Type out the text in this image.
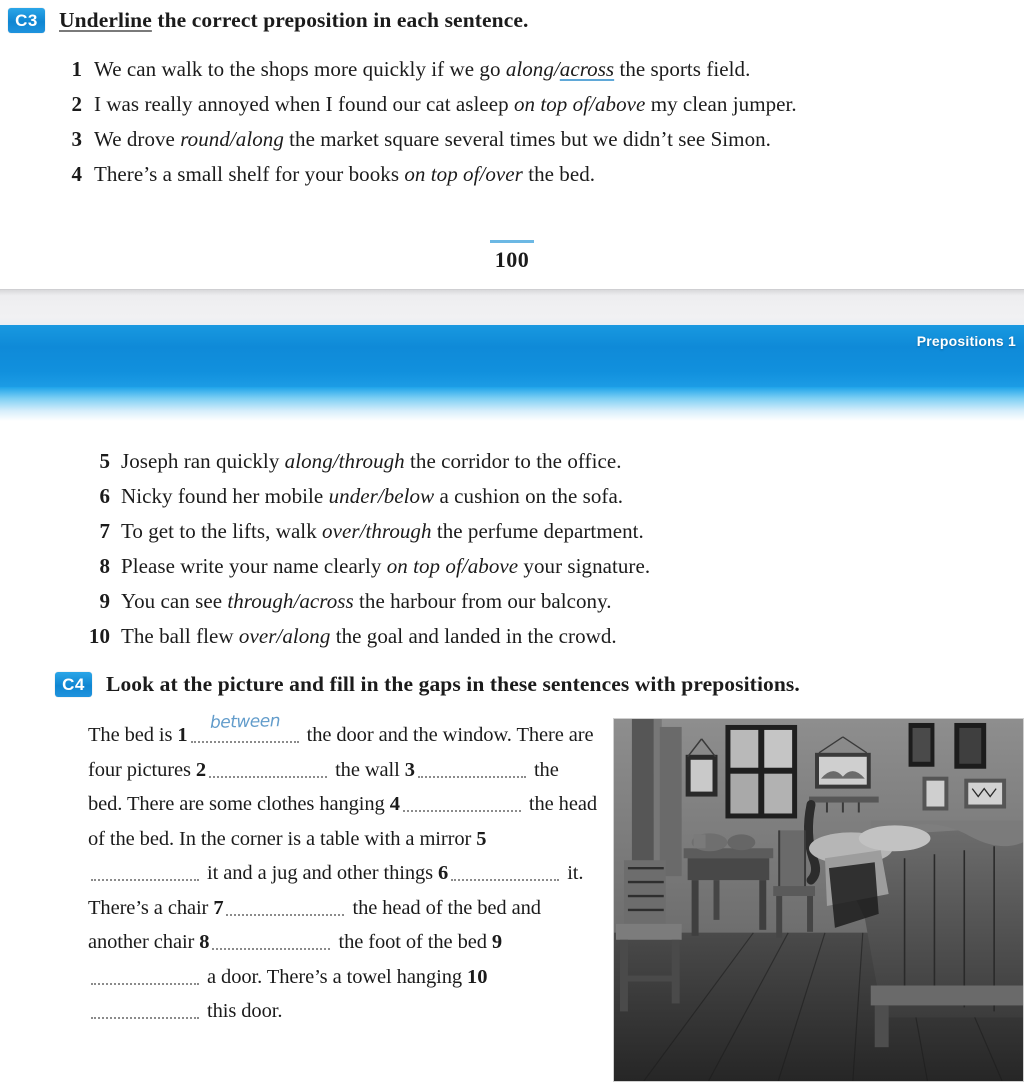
C3 Underline the correct preposition in each sentence.
1 We can walk to the shops more quickly if we go along/across the sports field.
2 I was really annoyed when I found our cat asleep on top of/above my clean jumper.
3 We drove round/along the market square several times but we didn’t see Simon.
4 There’s a small shelf for your books on top of/over the bed.
100
Prepositions 1
5 Joseph ran quickly along/through the corridor to the office.
6 Nicky found her mobile under/below a cushion on the sofa.
7 To get to the lifts, walk over/through the perfume department.
8 Please write your name clearly on top of/above your signature.
9 You can see through/across the harbour from our balcony.
10 The ball flew over/along the goal and landed in the crowd.
C4 Look at the picture and fill in the gaps in these sentences with prepositions.
The bed is 1
between
the door and the window. There are four pictures 2	the wall 3	the bed. There are some clothes hanging 4	the head of the bed. In the corner is a table with a mirror 5 it and a jug and other things 6	it. There’s a chair 7	the head of the bed and another chair 8	the foot of the bed 9 a door. There’s a towel hanging 10 this door.
